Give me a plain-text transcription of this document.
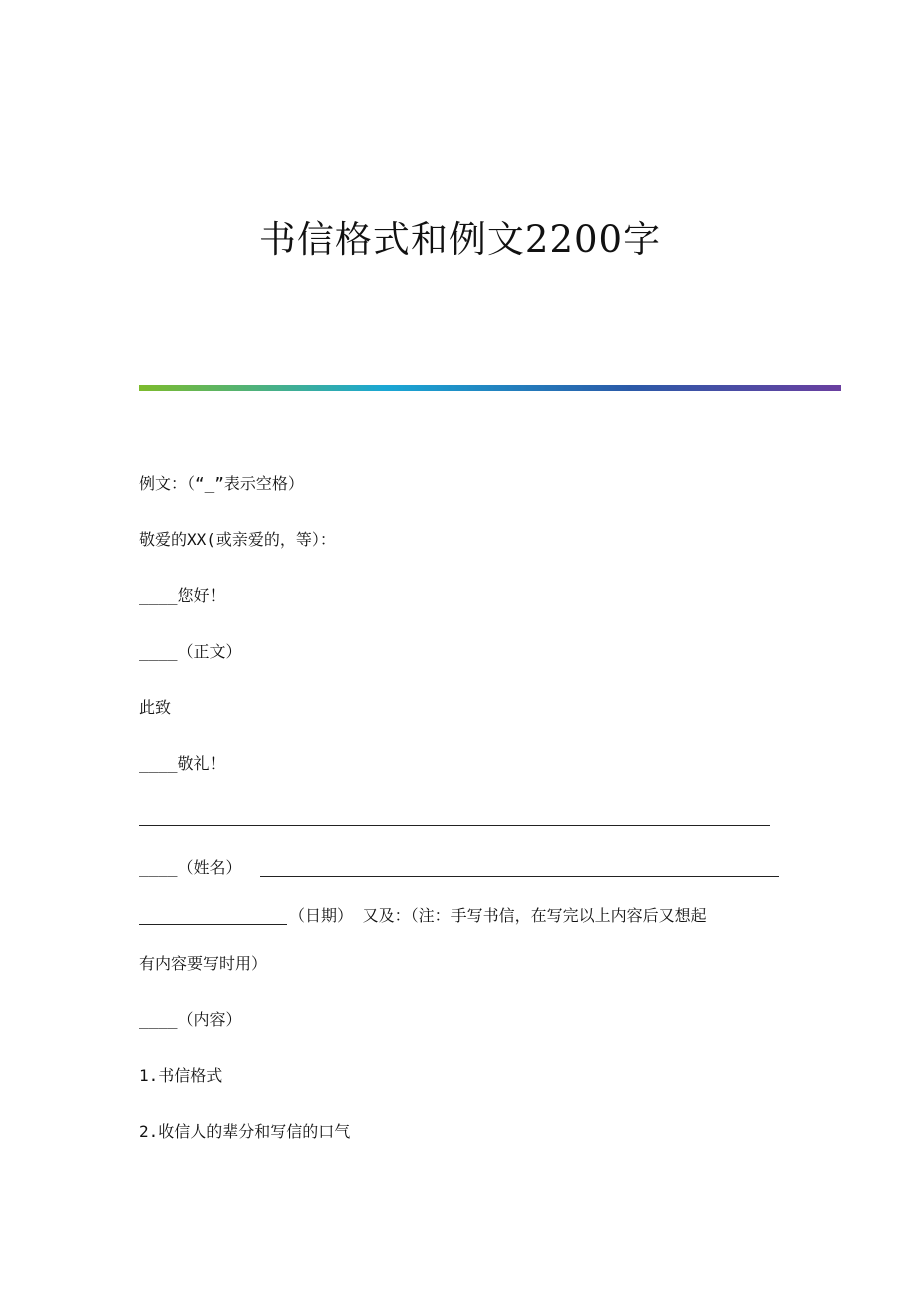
书信格式和例文2200字

例文：（“_”表示空格）

敬爱的XX(或亲爱的，等）：

____您好！

____（正文）

此致

____敬礼！

____（姓名）

（日期） 又及：（注：手写书信，在写完以上内容后又想起

有内容要写时用）

____（内容）

1.书信格式

2.收信人的辈分和写信的口气
